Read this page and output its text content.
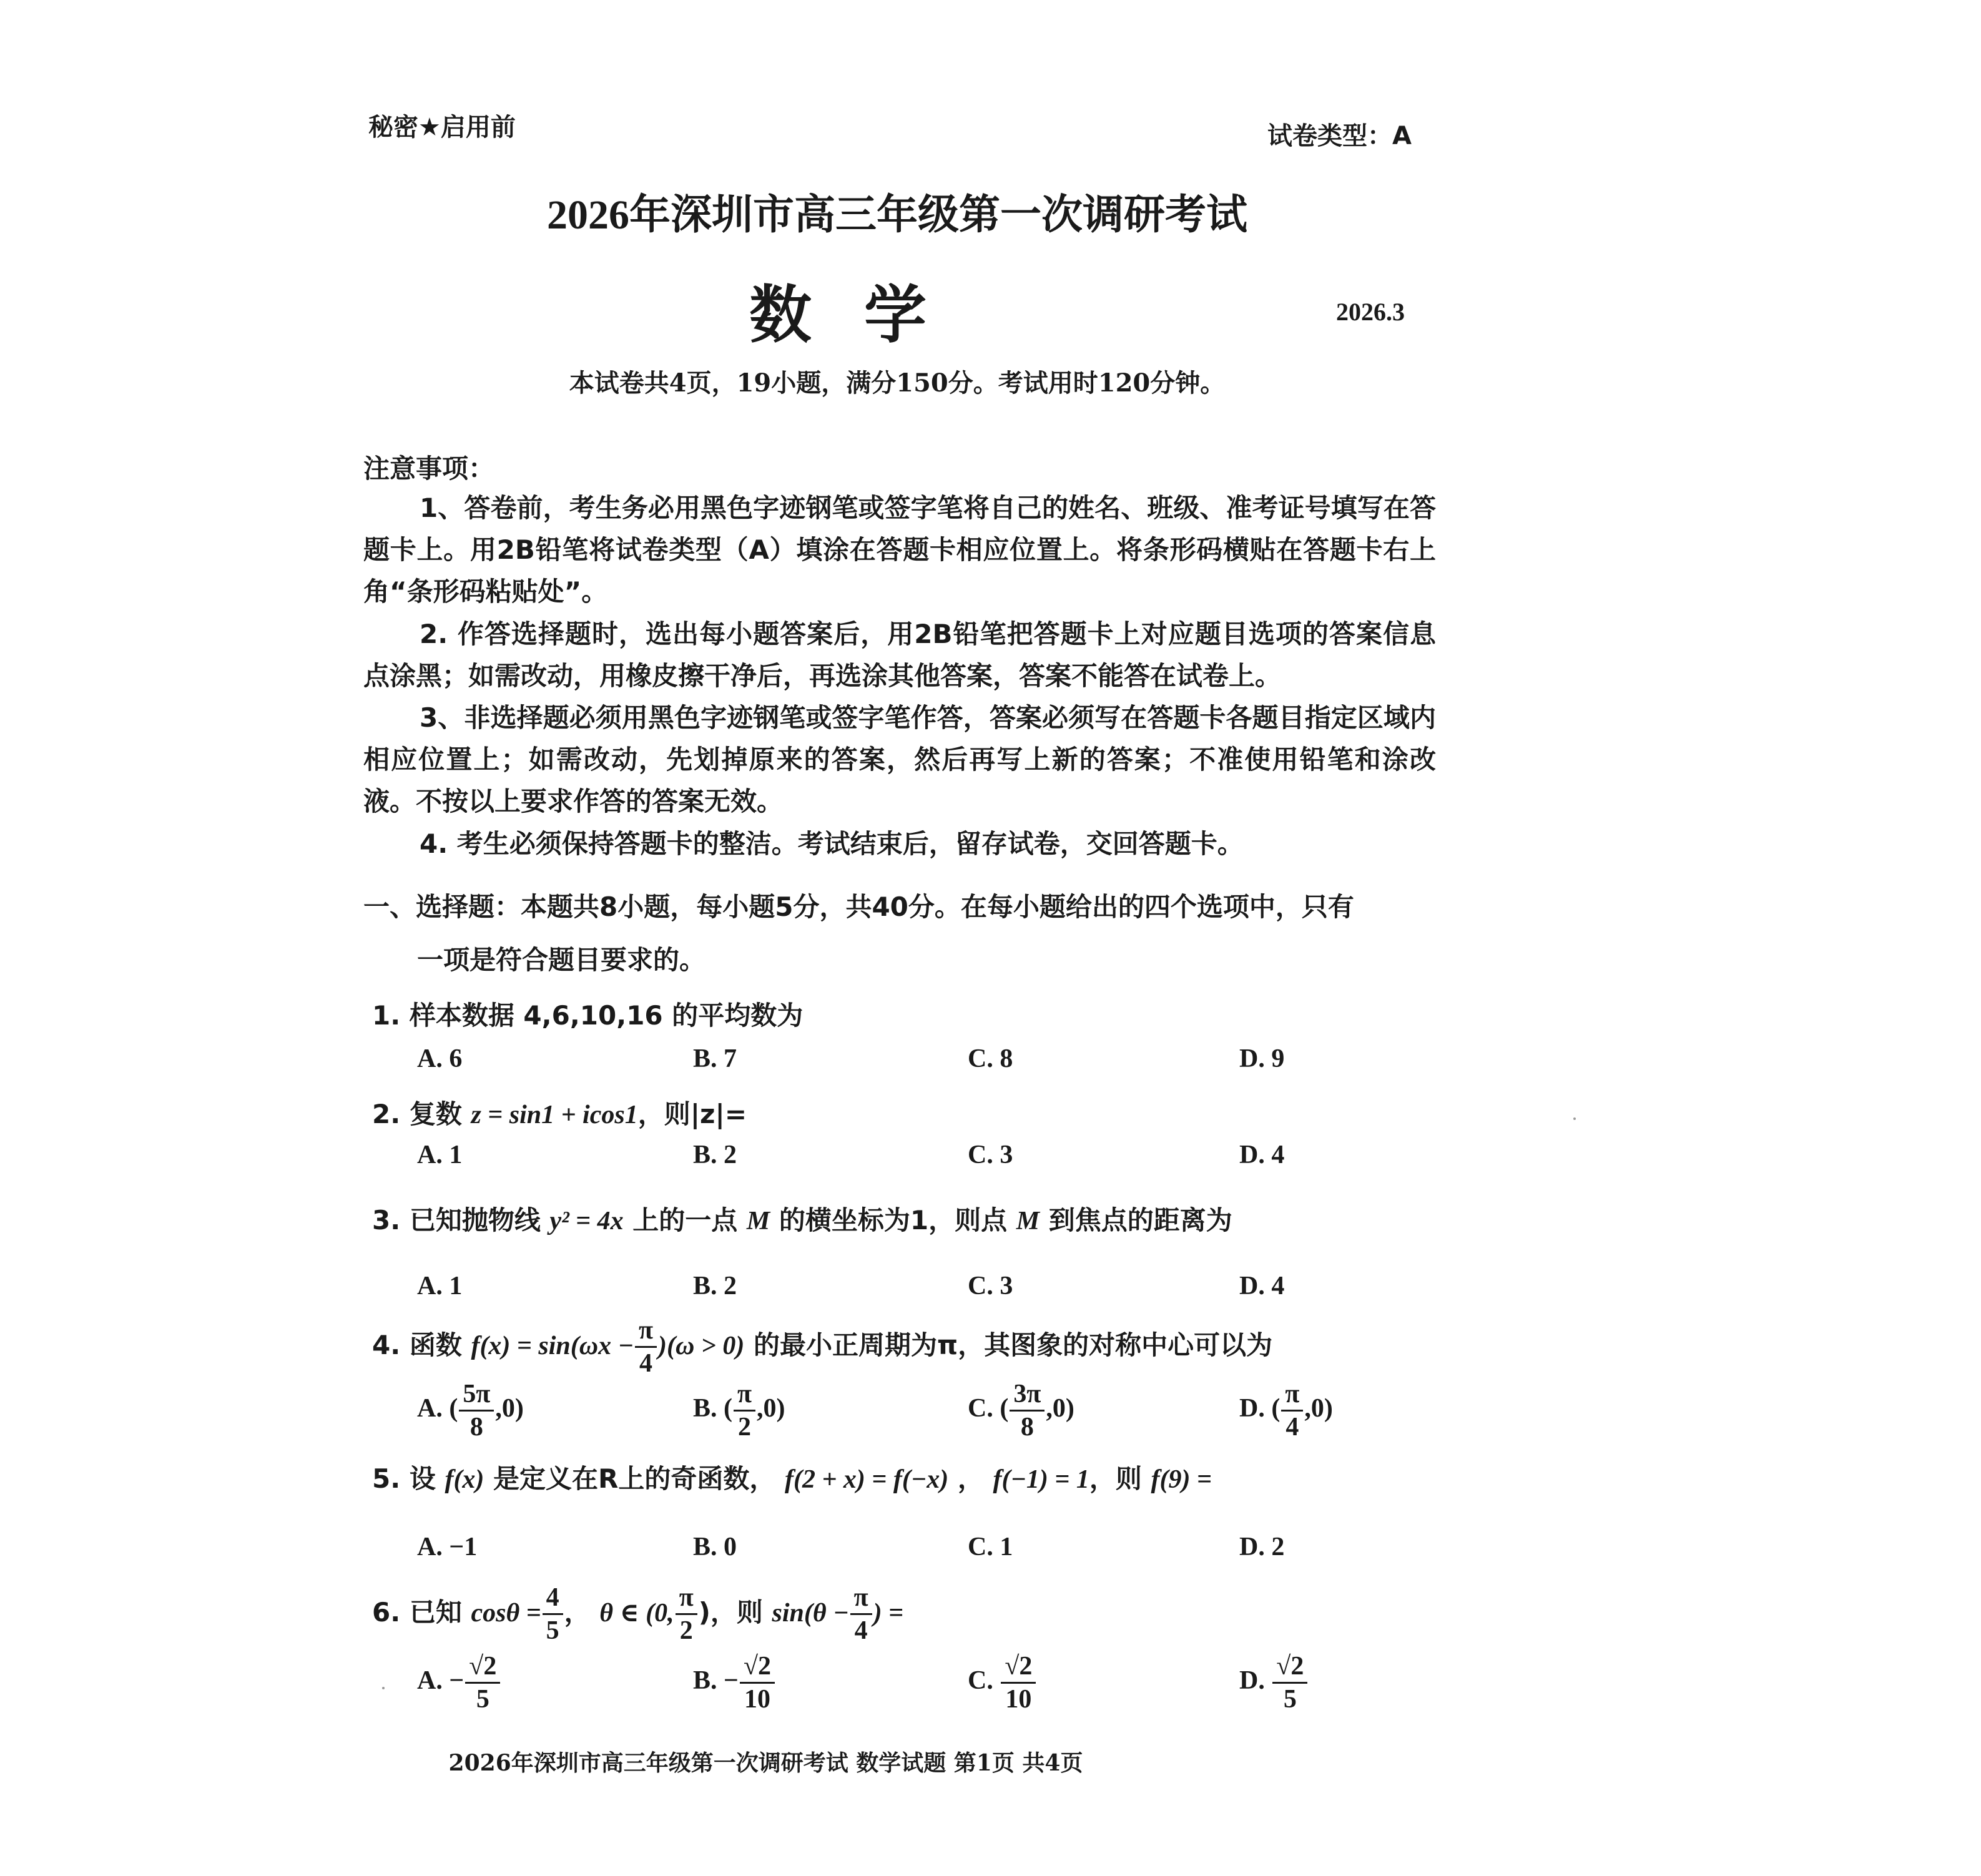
秘密★启用前	试卷类型：A
2026年深圳市高三年级第一次调研考试
数学	2026.3
本试卷共4页，19小题，满分150分。考试用时120分钟。
注意事项：
1、答卷前，考生务必用黑色字迹钢笔或签字笔将自己的姓名、班级、准考证号填写在答题卡上。用2B铅笔将试卷类型（A）填涂在答题卡相应位置上。将条形码横贴在答题卡右上角“条形码粘贴处”。
2. 作答选择题时，选出每小题答案后，用2B铅笔把答题卡上对应题目选项的答案信息点涂黑；如需改动，用橡皮擦干净后，再选涂其他答案，答案不能答在试卷上。
3、非选择题必须用黑色字迹钢笔或签字笔作答，答案必须写在答题卡各题目指定区域内相应位置上；如需改动，先划掉原来的答案，然后再写上新的答案；不准使用铅笔和涂改液。不按以上要求作答的答案无效。
4. 考生必须保持答题卡的整洁。考试结束后，留存试卷，交回答题卡。
一、选择题：本题共8小题，每小题5分，共40分。在每小题给出的四个选项中，只有
一项是符合题目要求的。
1. 样本数据 4,6,10,16 的平均数为
A. 6	B. 7	C. 8	D. 9
2. 复数 z = sin1 + icos1，则|z|=
A. 1	B. 2	C. 3	D. 4
3. 已知抛物线 y² = 4x 上的一点 M 的横坐标为1，则点 M 到焦点的距离为
A. 1	B. 2	C. 3	D. 4
4. 函数 $f(x) = \sin(\omega x - \frac{\pi}{4} )(\omega > 0)$ 的最小正周期为π，其图象的对称中心可以为
A. ( $\frac{5\pi}{8} ,0$)	B. ( $\frac{\pi}{2} ,0$)	C. ( $\frac{3\pi}{8} ,0$)	D. ( $\frac{\pi}{4} ,0$)
5. 设 f(x) 是定义在R上的奇函数， f(2 + x) = f(−x) ， f(−1) = 1，则 f(9) =
A. −1	B. 0	C. 1	D. 2
6. 已知 $\cos\theta = \frac{4}{5}$ ， θ ∈ (0, $\frac{\pi}{2}$ )，则 $\sin(\theta - \frac{\pi}{4}$ ) =
A. − $\frac{√2}{5}$	B. − $\frac{√2}{10}$	C. $\frac{√2}{10}$	D. $\frac{√2}{5}$
2026年深圳市高三年级第一次调研考试 数学试题 第1页 共4页
